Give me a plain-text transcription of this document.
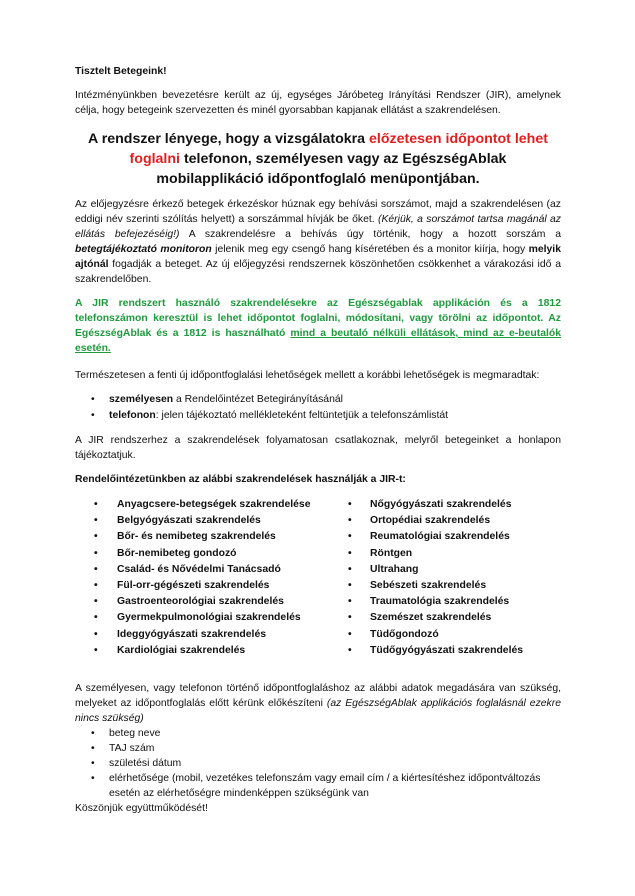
Tisztelt Betegeink!

Intézményünkben bevezetésre került az új, egységes Járóbeteg Irányítási Rendszer (JIR), amelynek célja, hogy betegeink szervezetten és minél gyorsabban kapjanak ellátást a szakrendelésen.

A rendszer lényege, hogy a vizsgálatokra előzetesen időpontot lehet foglalni telefonon, személyesen vagy az EgészségAblak mobilapplikáció időpontfoglaló menüpontjában.

Az előjegyzésre érkező betegek érkezéskor húznak egy behívási sorszámot, majd a szakrendelésen (az eddigi név szerinti szólítás helyett) a sorszámmal hívják be őket. (Kérjük, a sorszámot tartsa magánál az ellátás befejezéséig!) A szakrendelésre a behívás úgy történik, hogy a hozott sorszám a betegtájékoztató monitoron jelenik meg egy csengő hang kíséretében és a monitor kiírja, hogy melyik ajtónál fogadják a beteget. Az új előjegyzési rendszernek köszönhetően csökkenhet a várakozási idő a szakrendelőben.

A JIR rendszert használó szakrendelésekre az Egészségablak applikáción és a 1812 telefonszámon keresztül is lehet időpontot foglalni, módosítani, vagy törölni az időpontot. Az EgészségAblak és a 1812 is használható mind a beutaló nélküli ellátások, mind az e-beutalók esetén.

Természetesen a fenti új időpontfoglalási lehetőségek mellett a korábbi lehetőségek is megmaradtak:

• személyesen a Rendelőintézet Betegirányításánál
• telefonon: jelen tájékoztató mellékleteként feltüntetjük a telefonszámlistát

A JIR rendszerhez a szakrendelések folyamatosan csatlakoznak, melyről betegeinket a honlapon tájékoztatjuk.

Rendelőintézetünkben az alábbi szakrendelések használják a JIR-t:

• Anyagcsere-betegségek szakrendelése
• Belgyógyászati szakrendelés
• Bőr- és nemibeteg szakrendelés
• Bőr-nemibeteg gondozó
• Család- és Nővédelmi Tanácsadó
• Fül-orr-gégészeti szakrendelés
• Gastroenteorológiai szakrendelés
• Gyermekpulmonológiai szakrendelés
• Ideggyógyászati szakrendelés
• Kardiológiai szakrendelés
• Nőgyógyászati szakrendelés
• Ortopédiai szakrendelés
• Reumatológiai szakrendelés
• Röntgen
• Ultrahang
• Sebészeti szakrendelés
• Traumatológia szakrendelés
• Szemészet szakrendelés
• Tüdőgondozó
• Tüdőgyógyászati szakrendelés

A személyesen, vagy telefonon történő időpontfoglaláshoz az alábbi adatok megadására van szükség, melyeket az időpontfoglalás előtt kérünk előkészíteni (az EgészségAblak applikációs foglalásnál ezekre nincs szükség)

• beteg neve
• TAJ szám
• születési dátum
• elérhetősége (mobil, vezetékes telefonszám vagy email cím / a kiértesítéshez időpontváltozás esetén az elérhetőségre mindenképpen szükségünk van

Köszönjük együttműködését!
